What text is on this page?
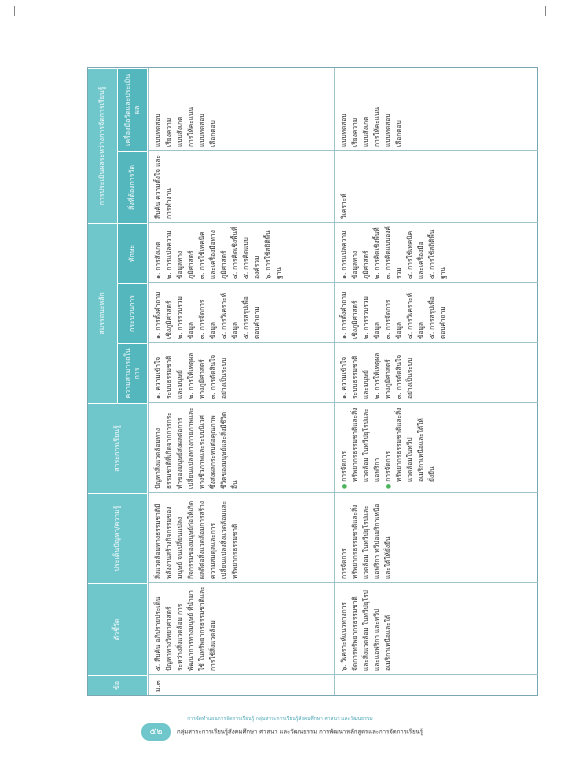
ข้อ
ตัวชี้วัด
ประเด็นปัญหา/ความรู้
สาระการเรียนรู้
สมรรถนะหลัก
ความสามารถในการ
กระบวนการ
ทักษะ
การประเมินผลระหว่างการจัดการเรียนรู้	สิ่งที่ต้องการวัด
เครื่องมือวัดและประเมินผล
ม.๓
๕. สืบค้น อภิปรายประเด็นปัญหาทางวิทยาศาสตร์ ระหว่างสิ่งแวดล้อม การพัฒนาการทางมนุษย์ ที่นำมาใช้ ในทรัพยากรธรรมชาติและการใช้สิ่งแวดล้อม
สิ่งแวดล้อมทางธรรมชาติมีพลังงานสร้างกิจกรรมของมนุษย์ จนเปลี่ยนแปลงกิจกรรมของมนุษย์ก่อให้เกิดผลดีต่อสิ่งแวดล้อมการสร้างความสมดุลและการเปลี่ยนแปลงสิ่งแวดล้อมและทรัพยากรธรรมชาติ
ปัญหาสิ่งแวดล้อมทางธรรมชาติที่เกิดจากการกระทำของมนุษย์ส่งผลต่อการเปลี่ยนแปลงทางกายภาพและทางชีวภาพและระบบนิเวศ ซึ่งส่งผลกระทบต่อคุณภาพชีวิตของมนุษย์และสิ่งมีชีวิตอื่น

๑. ความเข้าใจระบบธรรมชาติและมนุษย์ ๒. การให้เหตุผลทางภูมิศาสตร์ ๓. การตัดสินใจอย่างเป็นระบบ

๑. การตั้งคำถามเชิงภูมิศาสตร์ ๒. การรวบรวมข้อมูล ๓. การจัดการข้อมูล ๔. การวิเคราะห์ข้อมูล ๕. การสรุปเพื่อตอบคำถาม

๑. การสังเกต ๒. การแปลความข้อมูลทางภูมิศาสตร์ ๓. การใช้เทคนิคและเครื่องมือทางภูมิศาสตร์ ๔. การคิดเชิงพื้นที่ ๕. การคิดแบบองค์รวม ๖. การใช้สถิติพื้นฐาน

สืบค้น ความตั้งใจ และการทำงาน

แบบทดสอบ เรียงความ แบบสังเกต การให้คะแนน แบบทดสอบ เลือกตอบ

๖. วิเคราะห์แนวทางการจัดการทรัพยากรธรรมชาติและสิ่งแวดล้อม ในทวีปยุโรปและแอฟริกา และทวีปอเมริกาเหนือและใต้
การจัดการทรัพยากรธรรมชาติและสิ่งแวดล้อม ในทวีปยุโรปและแอฟริกา ทวีปอเมริกาเหนือและใต้ให้ยั่งยืน
● การจัดการทรัพยากรธรรมชาติและสิ่งแวดล้อม ในทวีปยุโรปและแอฟริกา
● การจัดการทรัพยากรธรรมชาติและสิ่งแวดล้อมในทวีปอเมริกาเหนือและใต้ให้ยั่งยืน

๑. ความเข้าใจระบบธรรมชาติและมนุษย์ ๒. การให้เหตุผลทางภูมิศาสตร์ ๓. การตัดสินใจอย่างเป็นระบบ

๑. การตั้งคำถามเชิงภูมิศาสตร์ ๒. การรวบรวมข้อมูล ๓. การจัดการข้อมูล ๔. การวิเคราะห์ข้อมูล ๕. การสรุปเพื่อตอบคำถาม

๑. การแปลความข้อมูลทางภูมิศาสตร์ ๒. การคิดเชิงพื้นที่ ๓. การคิดแบบองค์รวม ๔. การใช้เทคนิคและเครื่องมือ ๕. การใช้สถิติพื้นฐาน

วิเคราะห์

แบบทดสอบ เรียงความ แบบสังเกต การให้คะแนน แบบทดสอบ เลือกตอบ

การจัดทำแผนการจัดการเรียนรู้ กลุ่มสาระการเรียนรู้สังคมศึกษา ศาสนา และวัฒนธรรม
๕๒ กลุ่มสาระการเรียนรู้สังคมศึกษา ศาสนา และวัฒนธรรม การพัฒนาหลักสูตรและการจัดการเรียนรู้
